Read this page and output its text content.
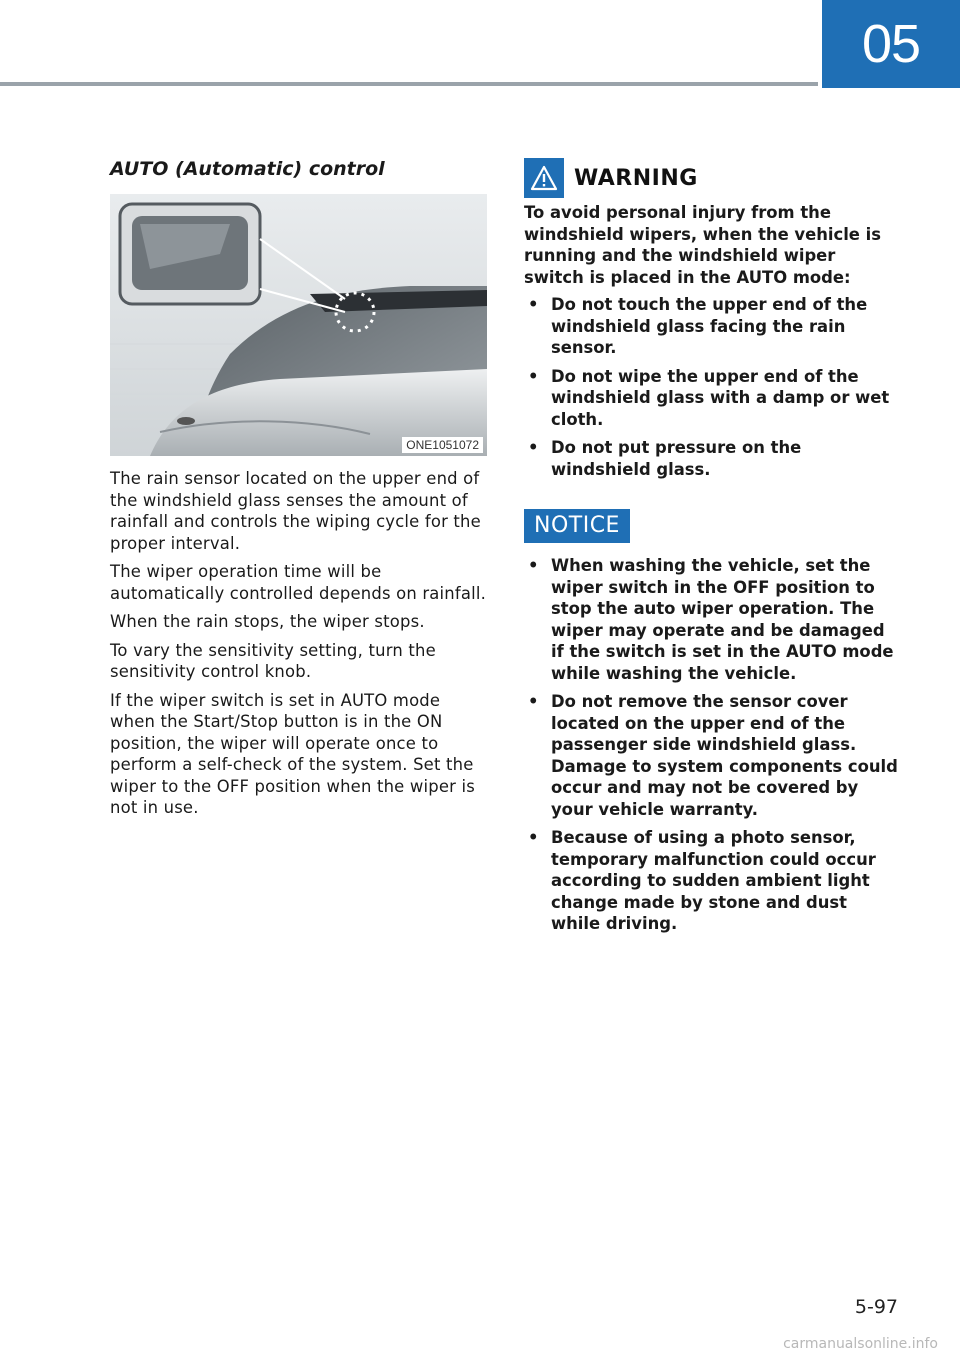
05
AUTO (Automatic) control
ONE1051072

The rain sensor located on the upper end of the windshield glass senses the amount of rainfall and controls the wiping cycle for the proper interval.

The wiper operation time will be automatically controlled depends on rainfall.

When the rain stops, the wiper stops.

To vary the sensitivity setting, turn the sensitivity control knob.

If the wiper switch is set in AUTO mode when the Start/Stop button is in the ON position, the wiper will operate once to perform a self-check of the system. Set the wiper to the OFF position when the wiper is not in use.

WARNING

To avoid personal injury from the windshield wipers, when the vehicle is running and the windshield wiper switch is placed in the AUTO mode:

• Do not touch the upper end of the windshield glass facing the rain sensor.
• Do not wipe the upper end of the windshield glass with a damp or wet cloth.
• Do not put pressure on the windshield glass.
NOTICE
• When washing the vehicle, set the wiper switch in the OFF position to stop the auto wiper operation. The wiper may operate and be damaged if the switch is set in the AUTO mode while washing the vehicle.
• Do not remove the sensor cover located on the upper end of the passenger side windshield glass. Damage to system components could occur and may not be covered by your vehicle warranty.
• Because of using a photo sensor, temporary malfunction could occur according to sudden ambient light change made by stone and dust while driving.
5-97
carmanualsonline.info
